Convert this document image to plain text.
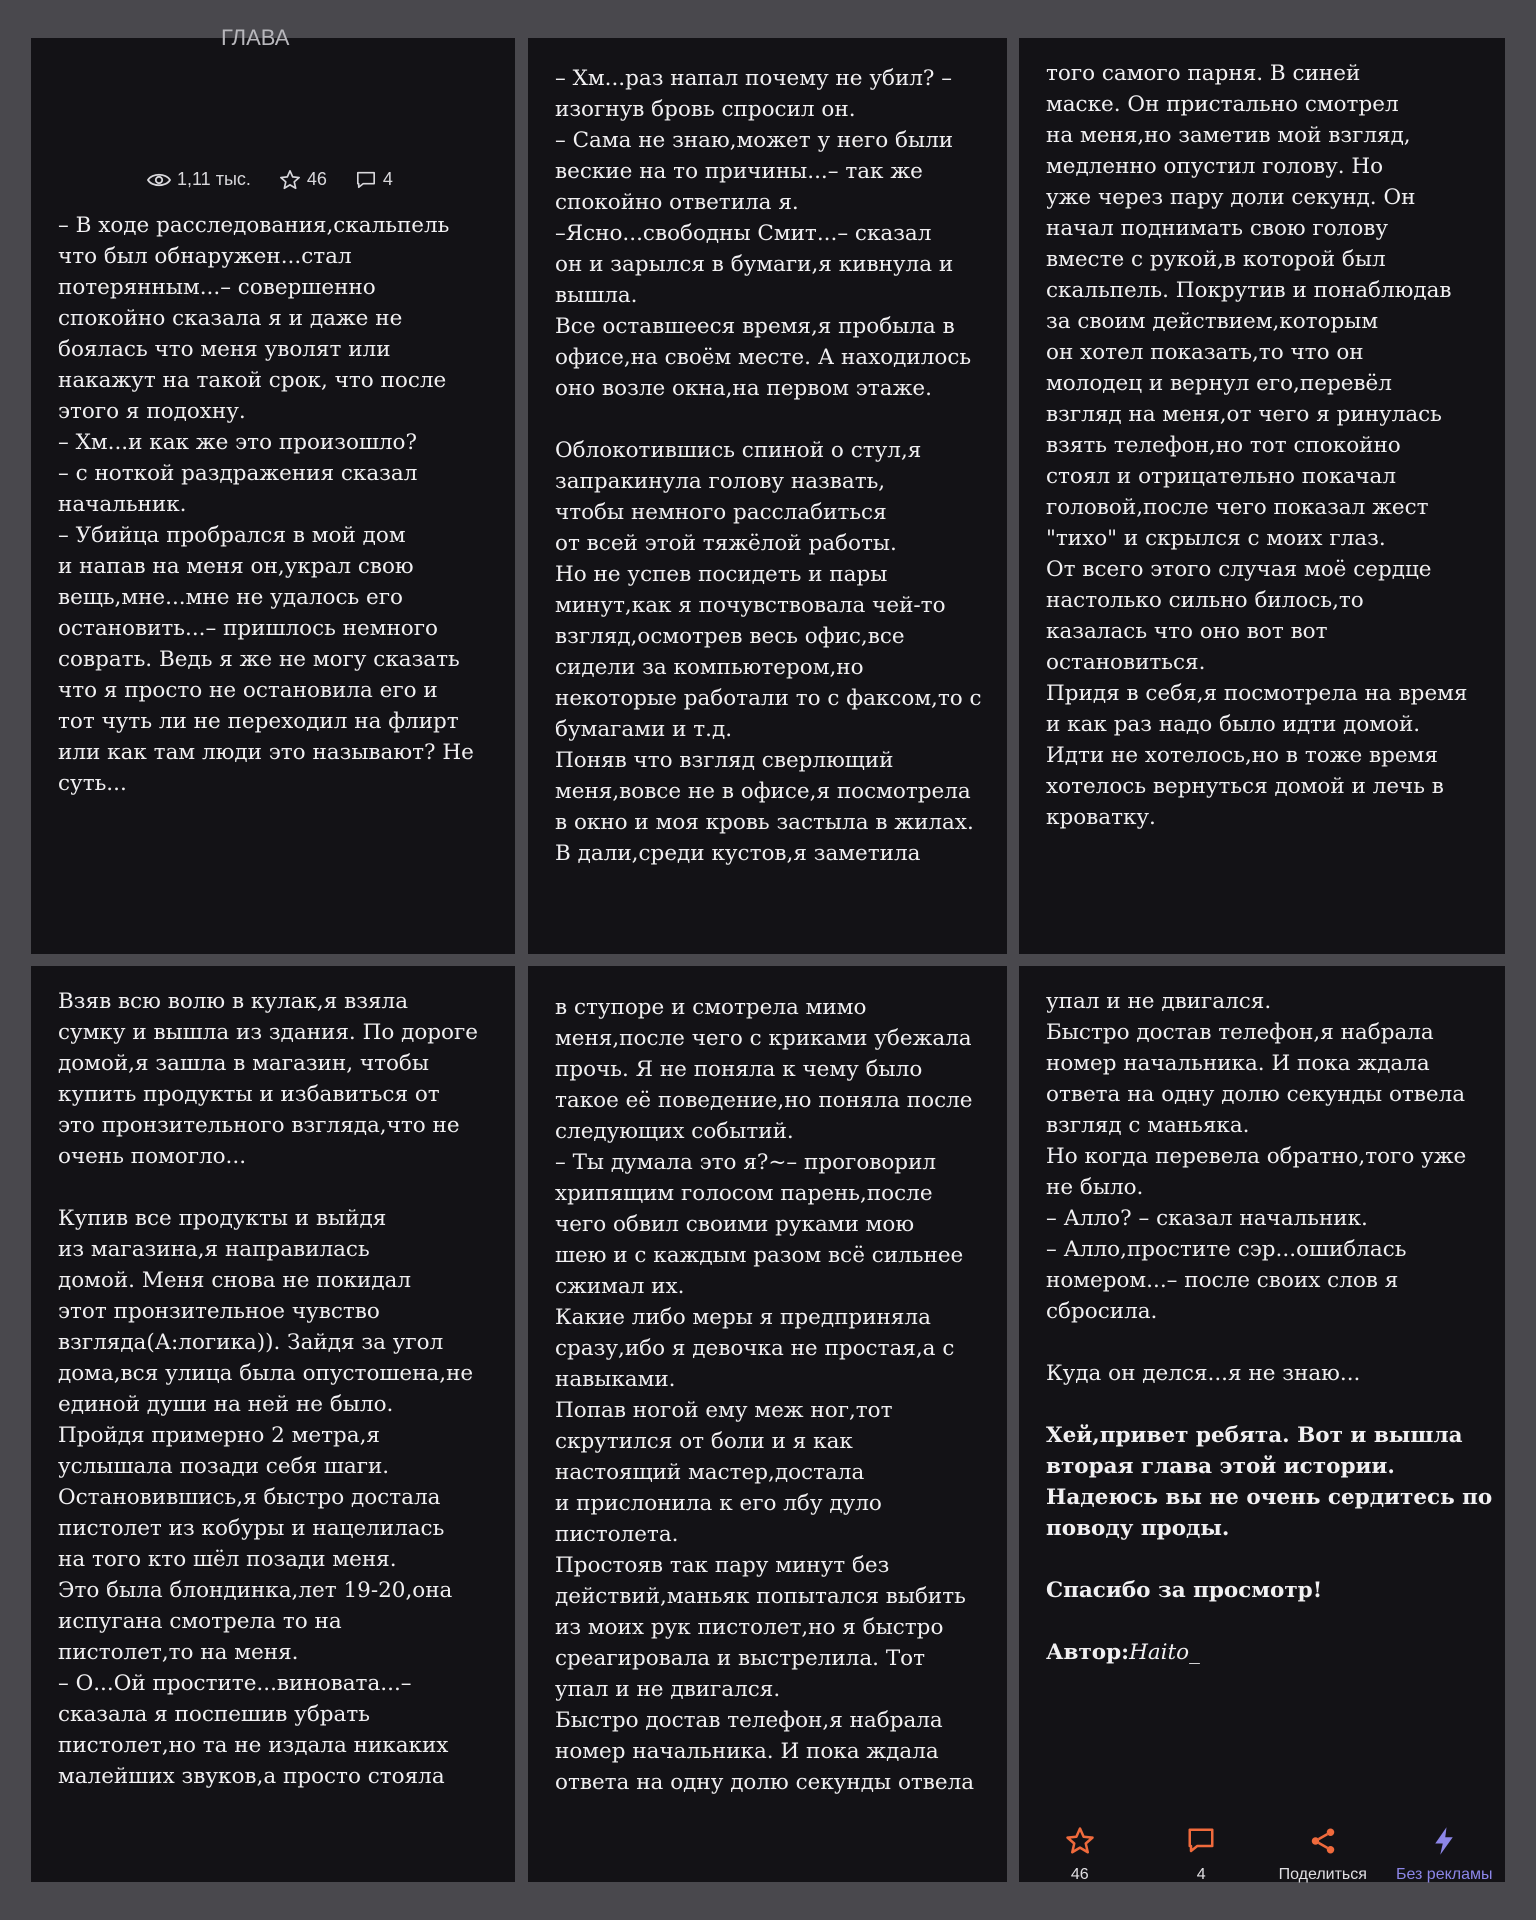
ГЛАВА
1,11 тыс.	46	4

– В ходе расследования,скальпель
что был обнаружен...стал
потерянным...– совершенно
спокойно сказала я и даже не
боялась что меня уволят или
накажут на такой срок, что после
этого я подохну.
– Хм...и как же это произошло?
– с ноткой раздражения сказал
начальник.
– Убийца пробрался в мой дом
и напав на меня он,украл свою
вещь,мне...мне не удалось его
остановить...– пришлось немного
соврать. Ведь я же не могу сказать
что я просто не остановила его и
тот чуть ли не переходил на флирт
или как там люди это называют? Не
суть...

– Хм...раз напал почему не убил? –
изогнув бровь спросил он.
– Сама не знаю,может у него были
веские на то причины...– так же
спокойно ответила я.
–Ясно...свободны Смит...– сказал
он и зарылся в бумаги,я кивнула и
вышла.
Все оставшееся время,я пробыла в
офисе,на своём месте. А находилось
оно возле окна,на первом этаже.

Облокотившись спиной о стул,я
запракинула голову назвать,
чтобы немного расслабиться
от всей этой тяжёлой работы.
Но не успев посидеть и пары
минут,как я почувствовала чей-то
взгляд,осмотрев весь офис,все
сидели за компьютером,но
некоторые работали то с факсом,то с
бумагами и т.д.
Поняв что взгляд сверлющий
меня,вовсе не в офисе,я посмотрела
в окно и моя кровь застыла в жилах.
В дали,среди кустов,я заметила

того самого парня. В синей
маске. Он пристально смотрел
на меня,но заметив мой взгляд,
медленно опустил голову. Но
уже через пару доли секунд. Он
начал поднимать свою голову
вместе с рукой,в которой был
скальпель. Покрутив и понаблюдав
за своим действием,которым
он хотел показать,то что он
молодец и вернул его,перевёл
взгляд на меня,от чего я ринулась
взять телефон,но тот спокойно
стоял и отрицательно покачал
головой,после чего показал жест
"тихо" и скрылся с моих глаз.
От всего этого случая моё сердце
настолько сильно билось,то
казалась что оно вот вот
остановиться.
Придя в себя,я посмотрела на время
и как раз надо было идти домой.
Идти не хотелось,но в тоже время
хотелось вернуться домой и лечь в
кроватку.

Взяв всю волю в кулак,я взяла
сумку и вышла из здания. По дороге
домой,я зашла в магазин, чтобы
купить продукты и избавиться от
это пронзительного взгляда,что не
очень помогло...

Купив все продукты и выйдя
из магазина,я направилась
домой. Меня снова не покидал
этот пронзительное чувство
взгляда(А:логика)). Зайдя за угол
дома,вся улица была опустошена,не
единой души на ней не было.
Пройдя примерно 2 метра,я
услышала позади себя шаги.
Остановившись,я быстро достала
пистолет из кобуры и нацелилась
на того кто шёл позади меня.
Это была блондинка,лет 19-20,она
испугана смотрела то на
пистолет,то на меня.
– О...Ой простите...виновата...–
сказала я поспешив убрать
пистолет,но та не издала никаких
малейших звуков,а просто стояла

в ступоре и смотрела мимо
меня,после чего с криками убежала
прочь. Я не поняла к чему было
такое её поведение,но поняла после
следующих событий.
– Ты думала это я?~– проговорил
хрипящим голосом парень,после
чего обвил своими руками мою
шею и с каждым разом всё сильнее
сжимал их.
Какие либо меры я предприняла
сразу,ибо я девочка не простая,а с
навыками.
Попав ногой ему меж ног,тот
скрутился от боли и я как
настоящий мастер,достала
и прислонила к его лбу дуло
пистолета.
Простояв так пару минут без
действий,маньяк попытался выбить
из моих рук пистолет,но я быстро
среагировала и выстрелила. Тот
упал и не двигался.
Быстро достав телефон,я набрала
номер начальника. И пока ждала
ответа на одну долю секунды отвела

упал и не двигался.
Быстро достав телефон,я набрала
номер начальника. И пока ждала
ответа на одну долю секунды отвела
взгляд с маньяка.
Но когда перевела обратно,того уже
не было.
– Алло? – сказал начальник.
– Алло,простите сэр...ошиблась
номером...– после своих слов я
сбросила.

Куда он делся...я не знаю...

Хей,привет ребята. Вот и вышла
вторая глава этой истории.
Надеюсь вы не очень сердитесь по
поводу проды.

Спасибо за просмотр!

Автор:Haito_

46	4	Поделиться Без рекламы
